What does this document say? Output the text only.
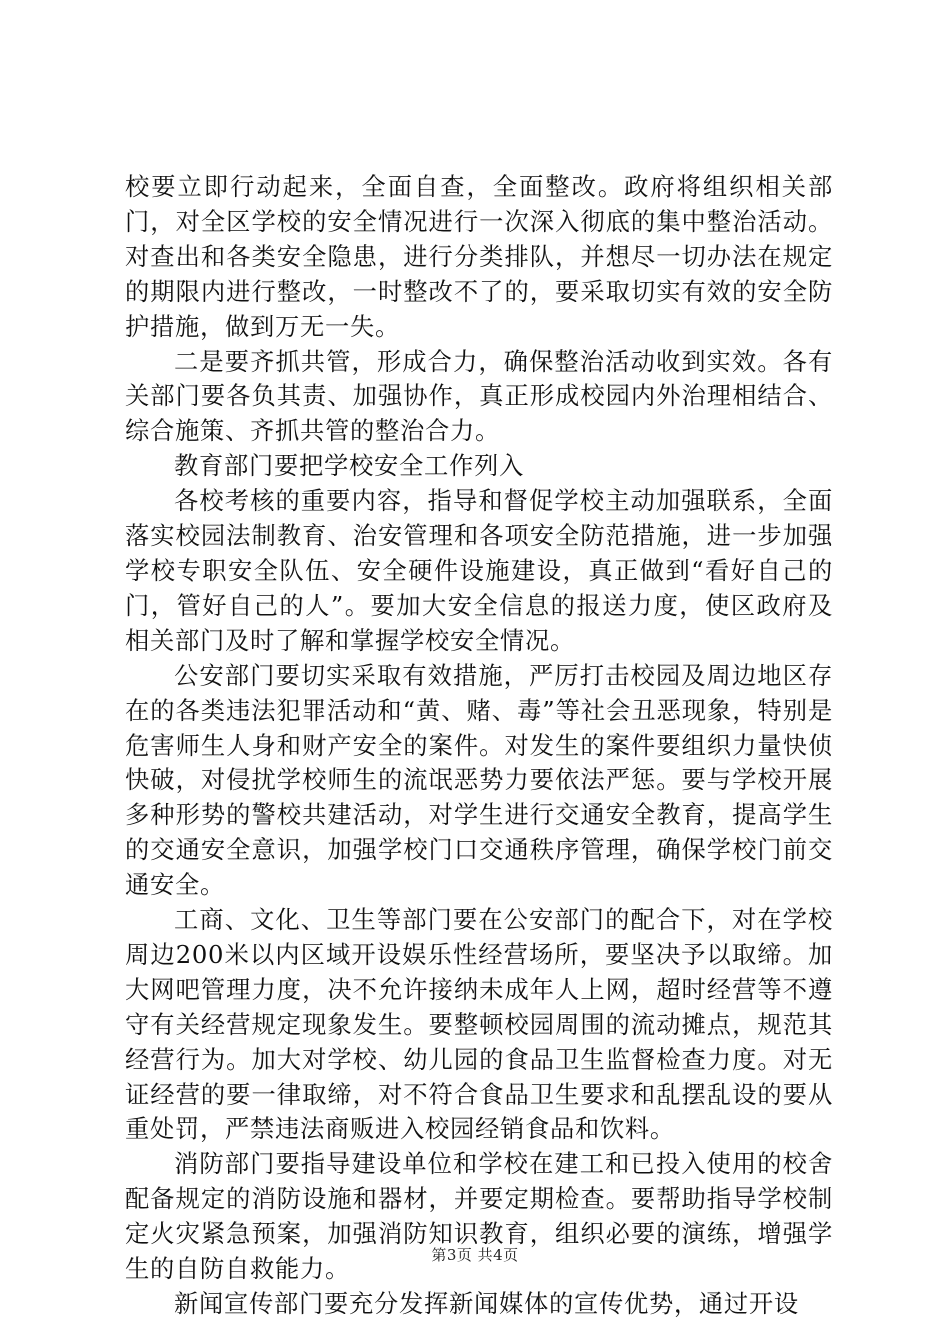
校要立即行动起来，全面自查，全面整改。政府将组织相关部门，对全区学校的安全情况进行一次深入彻底的集中整治活动。对查出和各类安全隐患，进行分类排队，并想尽一切办法在规定的期限内进行整改，一时整改不了的，要采取切实有效的安全防护措施，做到万无一失。

二是要齐抓共管，形成合力，确保整治活动收到实效。各有关部门要各负其责、加强协作，真正形成校园内外治理相结合、综合施策、齐抓共管的整治合力。

教育部门要把学校安全工作列入

各校考核的重要内容，指导和督促学校主动加强联系，全面落实校园法制教育、治安管理和各项安全防范措施，进一步加强学校专职安全队伍、安全硬件设施建设，真正做到“看好自己的门，管好自己的人”。要加大安全信息的报送力度，使区政府及相关部门及时了解和掌握学校安全情况。

公安部门要切实采取有效措施，严厉打击校园及周边地区存在的各类违法犯罪活动和“黄、赌、毒”等社会丑恶现象，特别是危害师生人身和财产安全的案件。对发生的案件要组织力量快侦快破，对侵扰学校师生的流氓恶势力要依法严惩。要与学校开展多种形势的警校共建活动，对学生进行交通安全教育，提高学生的交通安全意识，加强学校门口交通秩序管理，确保学校门前交通安全。

工商、文化、卫生等部门要在公安部门的配合下，对在学校周边200米以内区域开设娱乐性经营场所，要坚决予以取缔。加大网吧管理力度，决不允许接纳未成年人上网，超时经营等不遵守有关经营规定现象发生。要整顿校园周围的流动摊点，规范其经营行为。加大对学校、幼儿园的食品卫生监督检查力度。对无证经营的要一律取缔，对不符合食品卫生要求和乱摆乱设的要从重处罚，严禁违法商贩进入校园经销食品和饮料。

消防部门要指导建设单位和学校在建工和已投入使用的校舍配备规定的消防设施和器材，并要定期检查。要帮助指导学校制定火灾紧急预案，加强消防知识教育，组织必要的演练，增强学生的自防自救能力。

新闻宣传部门要充分发挥新闻媒体的宣传优势，通过开设

第3页 共4页
